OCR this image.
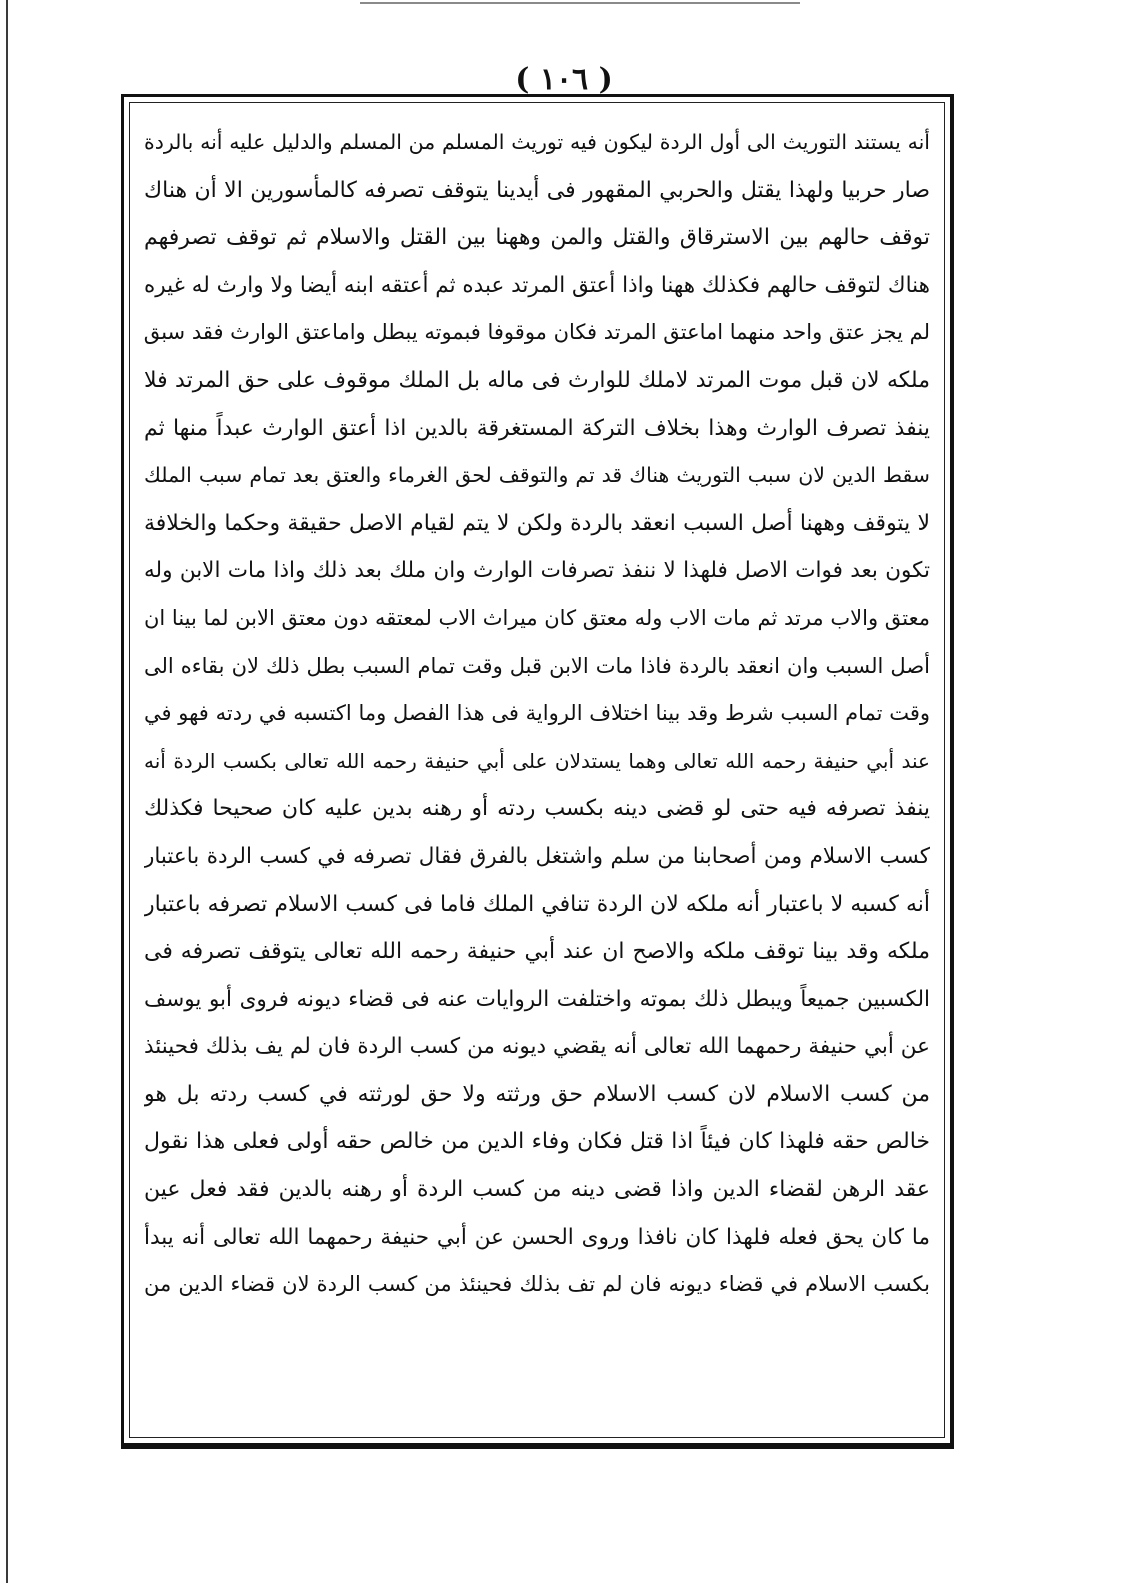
( ١٠٦ )
أنه يستند التوريث الى أول الردة ليكون فيه توريث المسلم من المسلم والدليل عليه أنه بالردة
صار حربيا ولهذا يقتل والحربي المقهور فى أيدينا يتوقف تصرفه كالمأسورين الا أن هناك
توقف حالهم بين الاسترقاق والقتل والمن وههنا بين القتل والاسلام ثم توقف تصرفهم
هناك لتوقف حالهم فكذلك ههنا واذا أعتق المرتد عبده ثم أعتقه ابنه أيضا ولا وارث له غيره
لم يجز عتق واحد منهما اماعتق المرتد فكان موقوفا فبموته يبطل واماعتق الوارث فقد سبق
ملكه لان قبل موت المرتد لاملك للوارث فى ماله بل الملك موقوف على حق المرتد فلا
ينفذ تصرف الوارث وهذا بخلاف التركة المستغرقة بالدين اذا أعتق الوارث عبداً منها ثم
سقط الدين لان سبب التوريث هناك قد تم والتوقف لحق الغرماء والعتق بعد تمام سبب الملك
لا يتوقف وههنا أصل السبب انعقد بالردة ولكن لا يتم لقيام الاصل حقيقة وحكما والخلافة
تكون بعد فوات الاصل فلهذا لا ننفذ تصرفات الوارث وان ملك بعد ذلك واذا مات الابن وله
معتق والاب مرتد ثم مات الاب وله معتق كان ميراث الاب لمعتقه دون معتق الابن لما بينا ان
أصل السبب وان انعقد بالردة فاذا مات الابن قبل وقت تمام السبب بطل ذلك لان بقاءه الى
وقت تمام السبب شرط وقد بينا اختلاف الرواية فى هذا الفصل وما اكتسبه في ردته فهو في
عند أبي حنيفة رحمه الله تعالى وهما يستدلان على أبي حنيفة رحمه الله تعالى بكسب الردة أنه
ينفذ تصرفه فيه حتى لو قضى دينه بكسب ردته أو رهنه بدين عليه كان صحيحا فكذلك
كسب الاسلام ومن أصحابنا من سلم واشتغل بالفرق فقال تصرفه في كسب الردة باعتبار
أنه كسبه لا باعتبار أنه ملكه لان الردة تنافي الملك فاما فى كسب الاسلام تصرفه باعتبار
ملكه وقد بينا توقف ملكه والاصح ان عند أبي حنيفة رحمه الله تعالى يتوقف تصرفه فى
الكسبين جميعاً ويبطل ذلك بموته واختلفت الروايات عنه فى قضاء ديونه فروى أبو يوسف
عن أبي حنيفة رحمهما الله تعالى أنه يقضي ديونه من كسب الردة فان لم يف بذلك فحينئذ
من كسب الاسلام لان كسب الاسلام حق ورثته ولا حق لورثته في كسب ردته بل هو
خالص حقه فلهذا كان فيئاً اذا قتل فكان وفاء الدين من خالص حقه أولى فعلى هذا نقول
عقد الرهن لقضاء الدين واذا قضى دينه من كسب الردة أو رهنه بالدين فقد فعل عين
ما كان يحق فعله فلهذا كان نافذا وروى الحسن عن أبي حنيفة رحمهما الله تعالى أنه يبدأ
بكسب الاسلام في قضاء ديونه فان لم تف بذلك فحينئذ من كسب الردة لان قضاء الدين من
